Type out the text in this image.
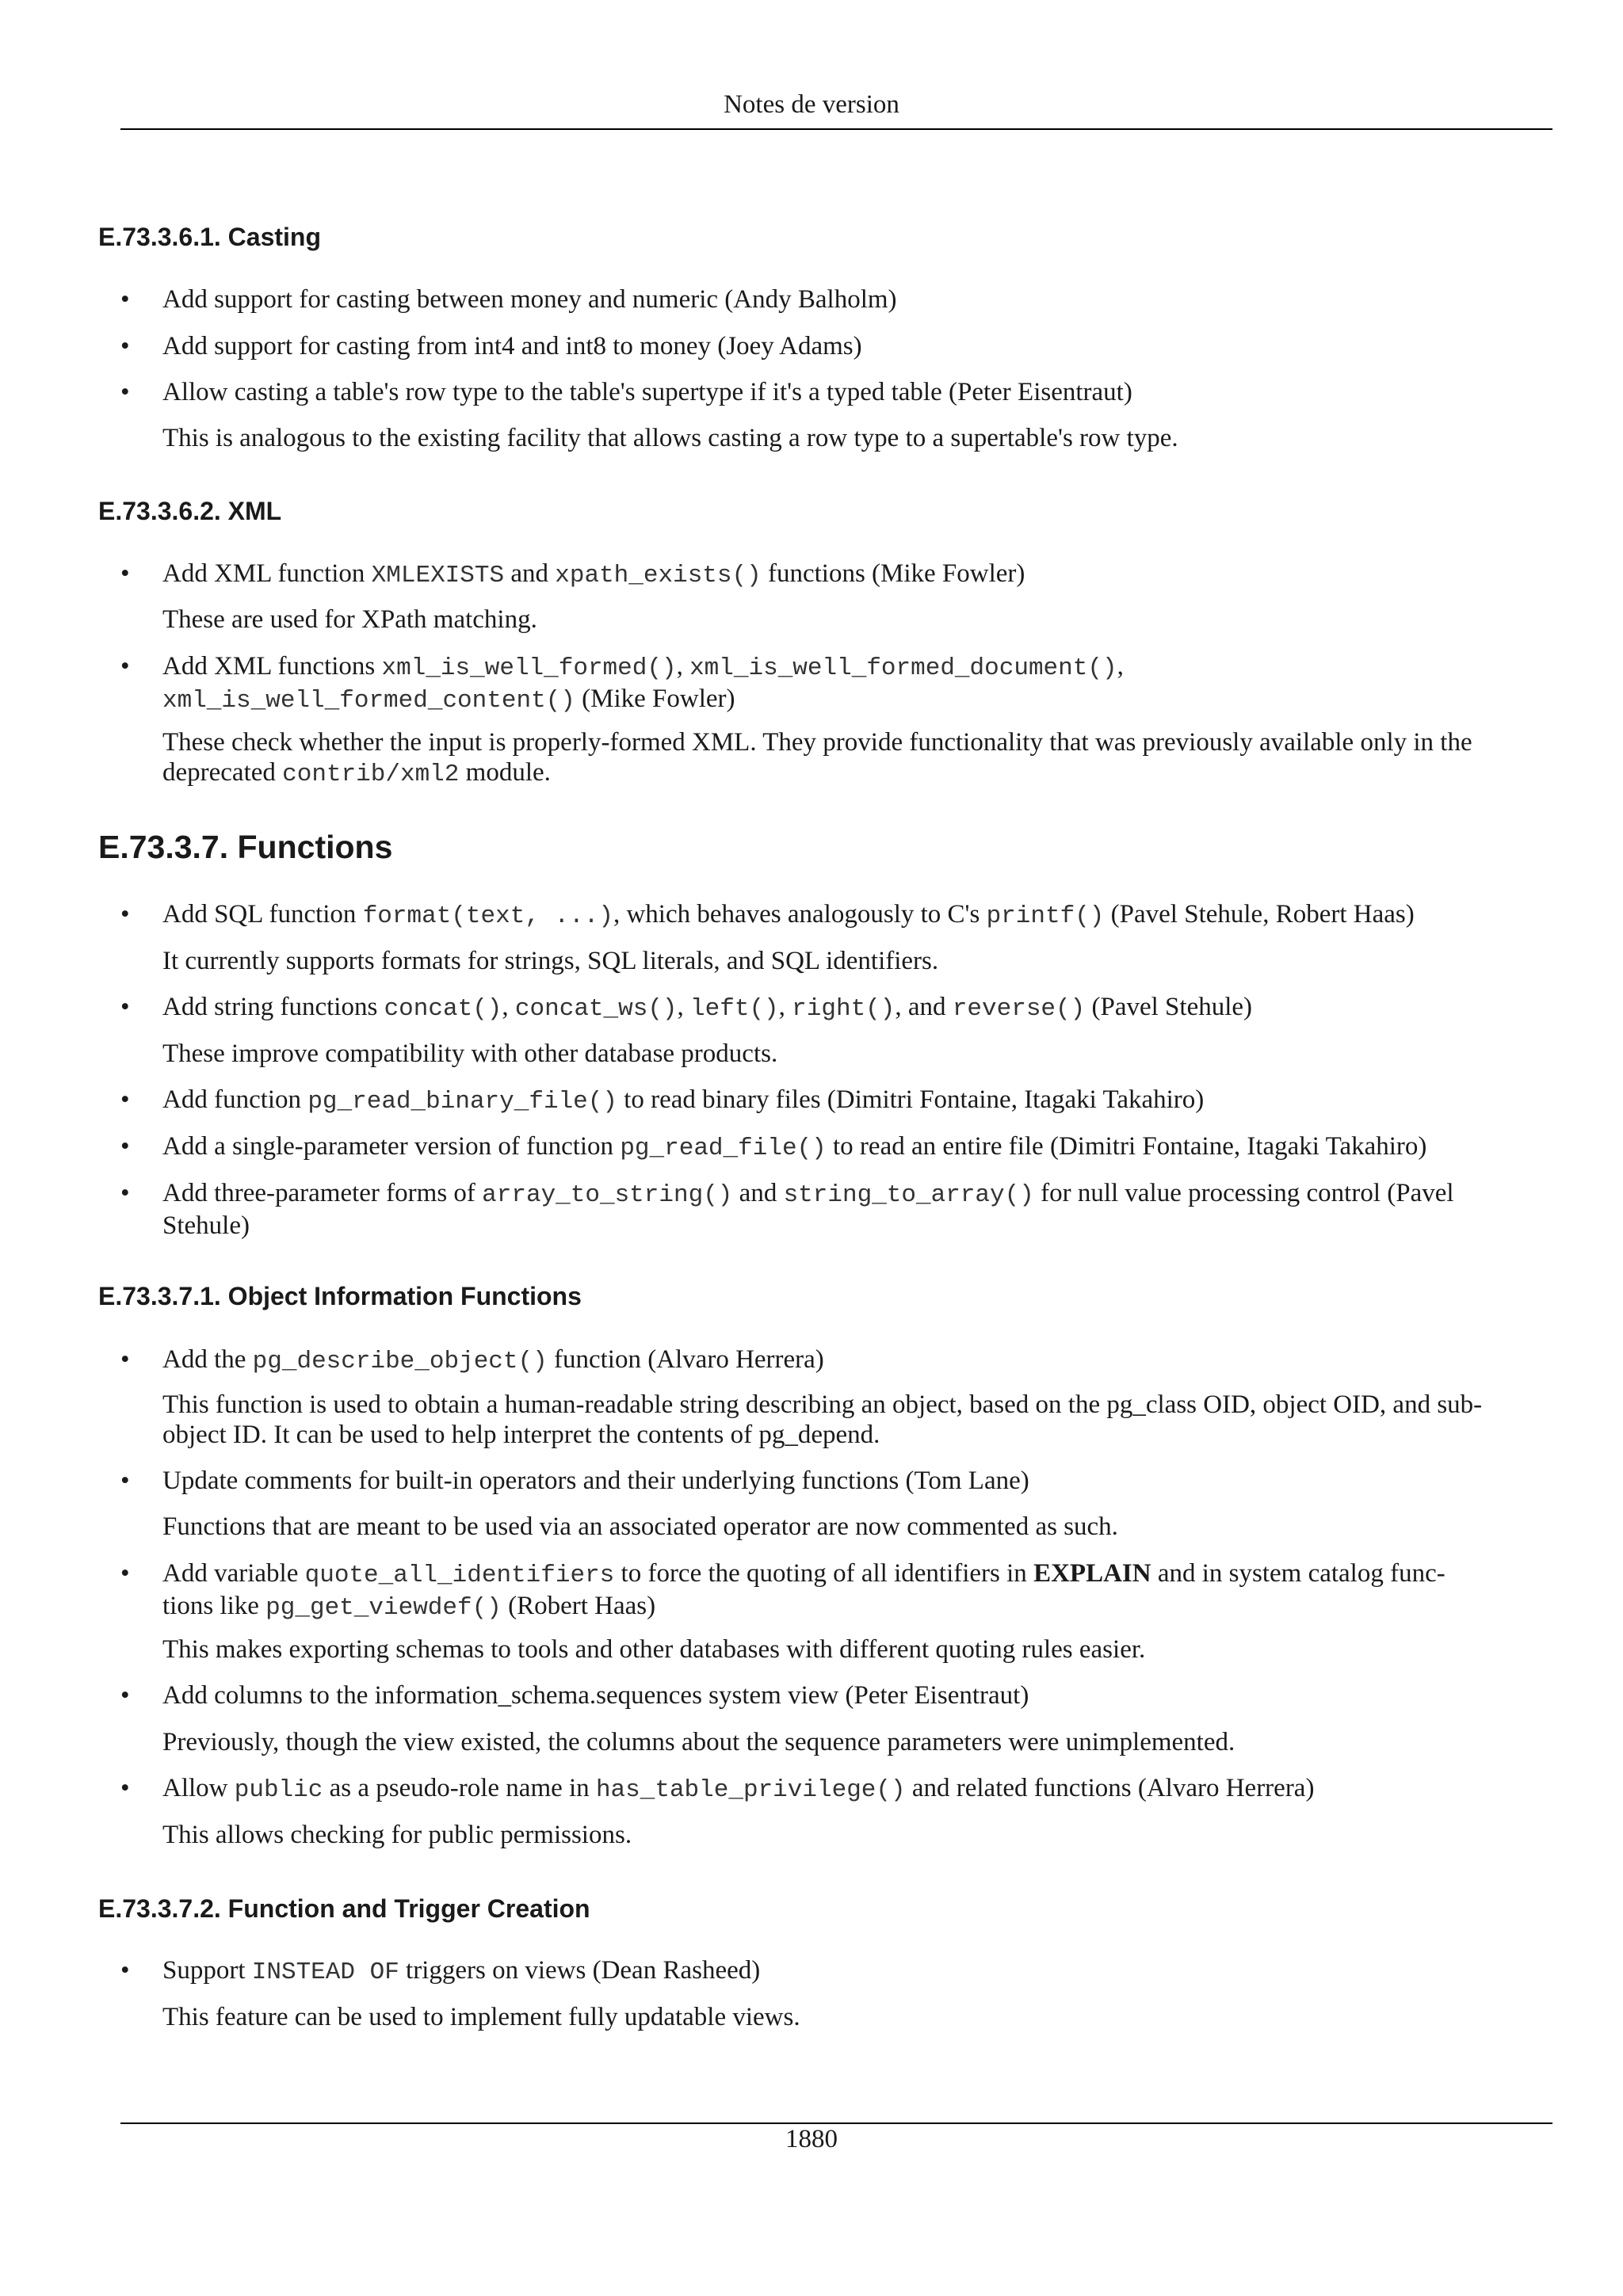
Notes de version
E.73.3.6.1. Casting
• Add support for casting between money and numeric (Andy Balholm)
• Add support for casting from int4 and int8 to money (Joey Adams)
• Allow casting a table's row type to the table's supertype if it's a typed table (Peter Eisentraut)
This is analogous to the existing facility that allows casting a row type to a supertable's row type.
E.73.3.6.2. XML
• Add XML function XMLEXISTS and xpath_exists() functions (Mike Fowler)
These are used for XPath matching.
• Add XML functions xml_is_well_formed(), xml_is_well_formed_document(),
xml_is_well_formed_content() (Mike Fowler)
These check whether the input is properly-formed XML. They provide functionality that was previously available only in the
deprecated contrib/xml2 module.
E.73.3.7. Functions
• Add SQL function format(text, ...), which behaves analogously to C's printf() (Pavel Stehule, Robert Haas)
It currently supports formats for strings, SQL literals, and SQL identifiers.
• Add string functions concat(), concat_ws(), left(), right(), and reverse() (Pavel Stehule)
These improve compatibility with other database products.
• Add function pg_read_binary_file() to read binary files (Dimitri Fontaine, Itagaki Takahiro)
• Add a single-parameter version of function pg_read_file() to read an entire file (Dimitri Fontaine, Itagaki Takahiro)
• Add three-parameter forms of array_to_string() and string_to_array() for null value processing control (Pavel
Stehule)
E.73.3.7.1. Object Information Functions
• Add the pg_describe_object() function (Alvaro Herrera)
This function is used to obtain a human-readable string describing an object, based on the pg_class OID, object OID, and sub-
object ID. It can be used to help interpret the contents of pg_depend.
• Update comments for built-in operators and their underlying functions (Tom Lane)
Functions that are meant to be used via an associated operator are now commented as such.
• Add variable quote_all_identifiers to force the quoting of all identifiers in EXPLAIN and in system catalog func-
tions like pg_get_viewdef() (Robert Haas)
This makes exporting schemas to tools and other databases with different quoting rules easier.
• Add columns to the information_schema.sequences system view (Peter Eisentraut)
Previously, though the view existed, the columns about the sequence parameters were unimplemented.
• Allow public as a pseudo-role name in has_table_privilege() and related functions (Alvaro Herrera)
This allows checking for public permissions.
E.73.3.7.2. Function and Trigger Creation
• Support INSTEAD OF triggers on views (Dean Rasheed)
This feature can be used to implement fully updatable views.
1880
